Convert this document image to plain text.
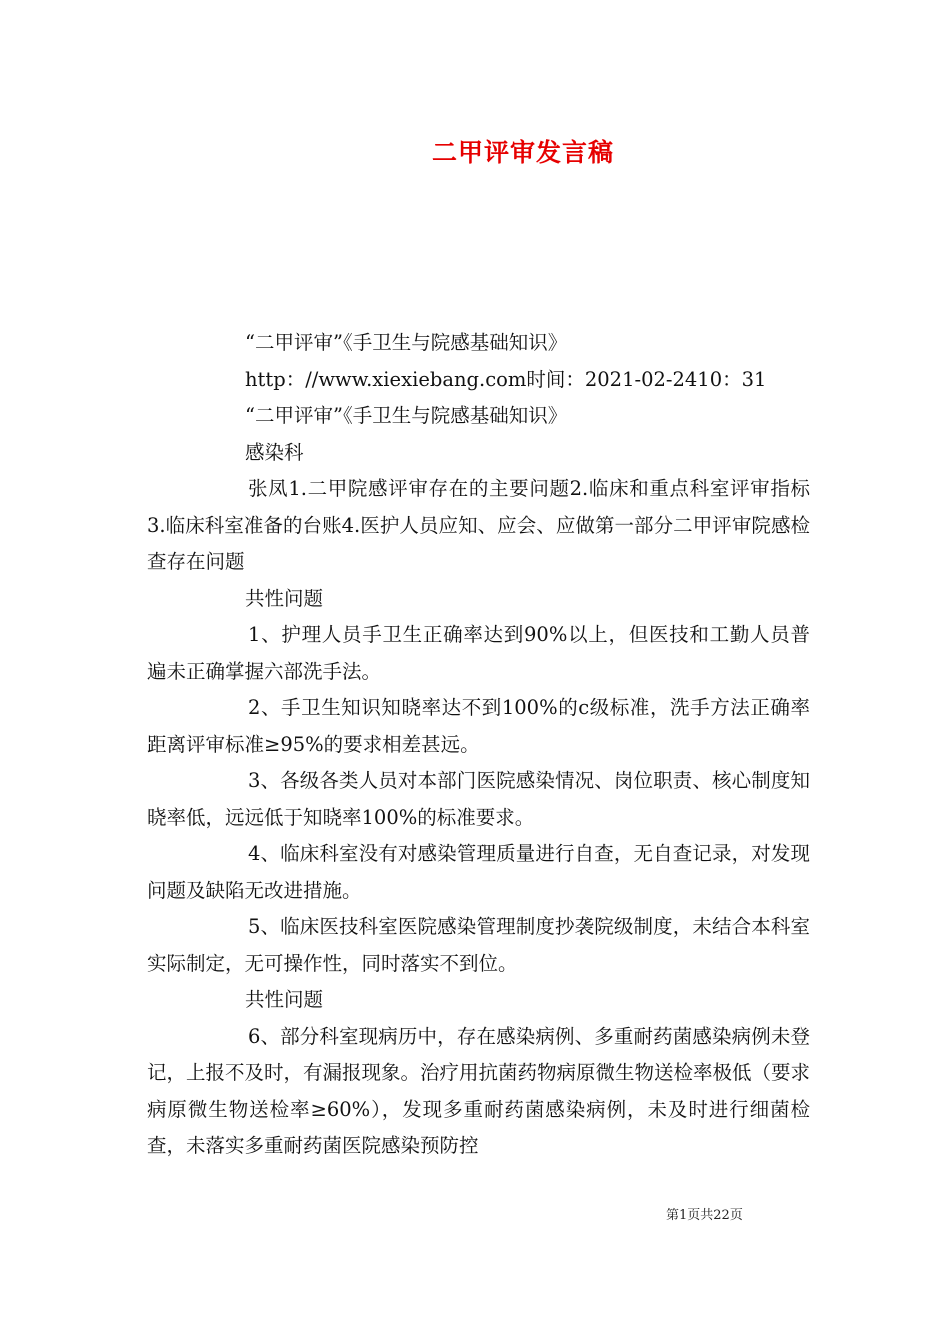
二甲评审发言稿

“二甲评审”《手卫生与院感基础知识》

http：//www.xiexiebang.com时间：2021-02-2410：31

“二甲评审”《手卫生与院感基础知识》

感染科

张凤1.二甲院感评审存在的主要问题2.临床和重点科室评审指标3.临床科室准备的台账4.医护人员应知、应会、应做第一部分二甲评审院感检查存在问题

共性问题

1、护理人员手卫生正确率达到90%以上，但医技和工勤人员普遍未正确掌握六部洗手法。

2、手卫生知识知晓率达不到100%的c级标准，洗手方法正确率距离评审标准≥95%的要求相差甚远。

3、各级各类人员对本部门医院感染情况、岗位职责、核心制度知晓率低，远远低于知晓率100%的标准要求。

4、临床科室没有对感染管理质量进行自查，无自查记录，对发现问题及缺陷无改进措施。

5、临床医技科室医院感染管理制度抄袭院级制度，未结合本科室实际制定，无可操作性，同时落实不到位。

共性问题

6、部分科室现病历中，存在感染病例、多重耐药菌感染病例未登记，上报不及时，有漏报现象。治疗用抗菌药物病原微生物送检率极低（要求病原微生物送检率≥60%），发现多重耐药菌感染病例，未及时进行细菌检查，未落实多重耐药菌医院感染预防控

第1页共22页
